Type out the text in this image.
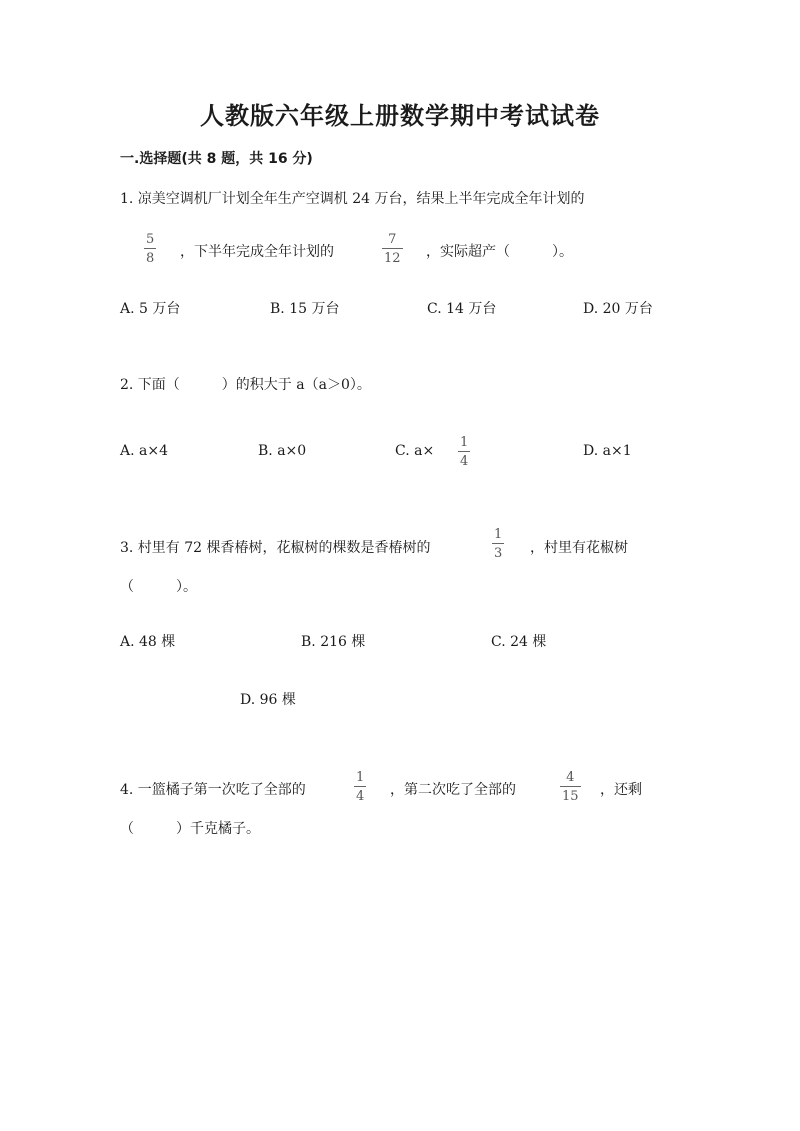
人教版六年级上册数学期中考试试卷
一.选择题(共 8 题，共 16 分)
1. 凉美空调机厂计划全年生产空调机 24 万台，结果上半年完成全年计划的
5
8 ，下半年完成全年计划的
7
12 ，实际超产（　　　）。
A. 5 万台	B. 15 万台	C. 14 万台	D. 20 万台
2. 下面（　　　）的积大于 a（a＞0）。
A. a×4	B. a×0	C. a×
1
4
D. a×1
3. 村里有 72 棵香椿树，花椒树的棵数是香椿树的
1
3 ，村里有花椒树
（　　　）。
A. 48 棵	B. 216 棵	C. 24 棵
D. 96 棵
4. 一篮橘子第一次吃了全部的
1
4 ，第二次吃了全部的
4
15 ，还剩
（　　　）千克橘子。
